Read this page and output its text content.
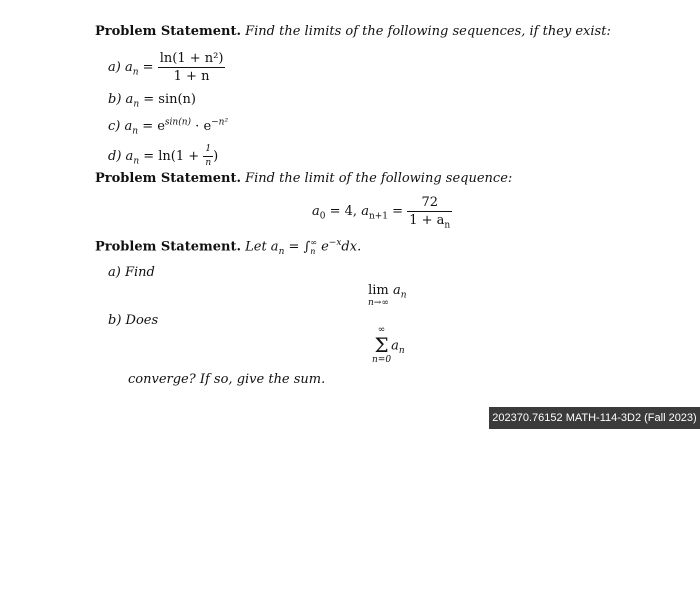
Problem Statement. Find the limits of the following sequences, if they exist:
a) $a_n = \frac{\text{ln(1 + n²)}}{1 + n}$
b) $a_n = \sin(n)$
c) $a_n = e^{sin(n)} \cdot e^{-n^2}$
d) $a_n = \ln(1 + \frac{1}{n}$ )
Problem Statement. Find the limit of the following sequence:
$a_0 = 4$, $a_{n+1} = \frac{72}{1 + a_n}$
Problem Statement. Let $a_n$ = ∫ ∞
n $e^{-x}dx$.
a) Find
lim
n→∞
$a_n$
b) Does
∞
Σ
n=0
$a_n$
converge? If so, give the sum.
202370.76152 MATH-114-3D2 (Fall 2023)
